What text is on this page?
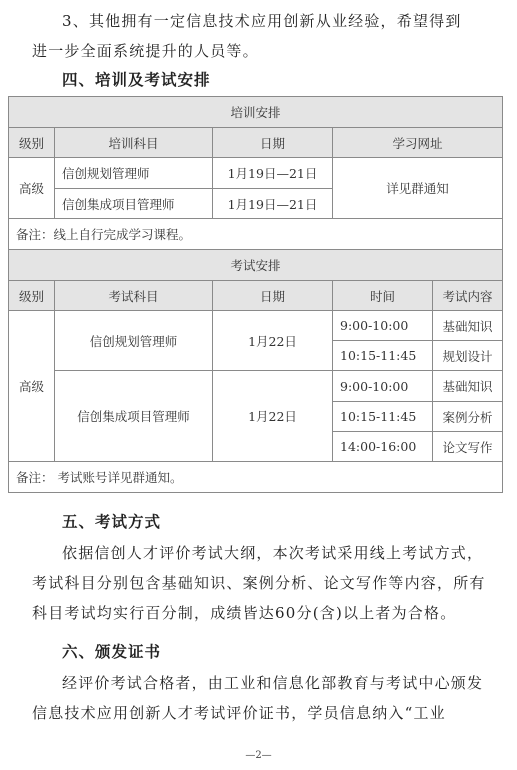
3、其他拥有一定信息技术应用创新从业经验，希望得到

进一步全面系统提升的人员等。

四、培训及考试安排
培训安排			
级别	培训科目	日期	学习网址
高级	信创规划管理师	1月19日—21日	详见群通知
	信创集成项目管理师	1月19日—21日	
备注：线上自行完成学习课程。			
考试安排				
级别	考试科目	日期	时间	考试内容
高级	信创规划管理师	1月22日	9:00-10:00	基础知识
			10:15-11:45	规划设计
	信创集成项目管理师	1月22日	9:00-10:00	基础知识
			10:15-11:45	案例分析
			14:00-16:00	论文写作
备注： 考试账号详见群通知。				
五、考试方式

依据信创人才评价考试大纲，本次考试采用线上考试方式，考试科目分别包含基础知识、案例分析、论文写作等内容，所有科目考试均实行百分制，成绩皆达60分(含)以上者为合格。

六、颁发证书

经评价考试合格者，由工业和信息化部教育与考试中心颁发信息技术应用创新人才考试评价证书，学员信息纳入“工业

—2—
